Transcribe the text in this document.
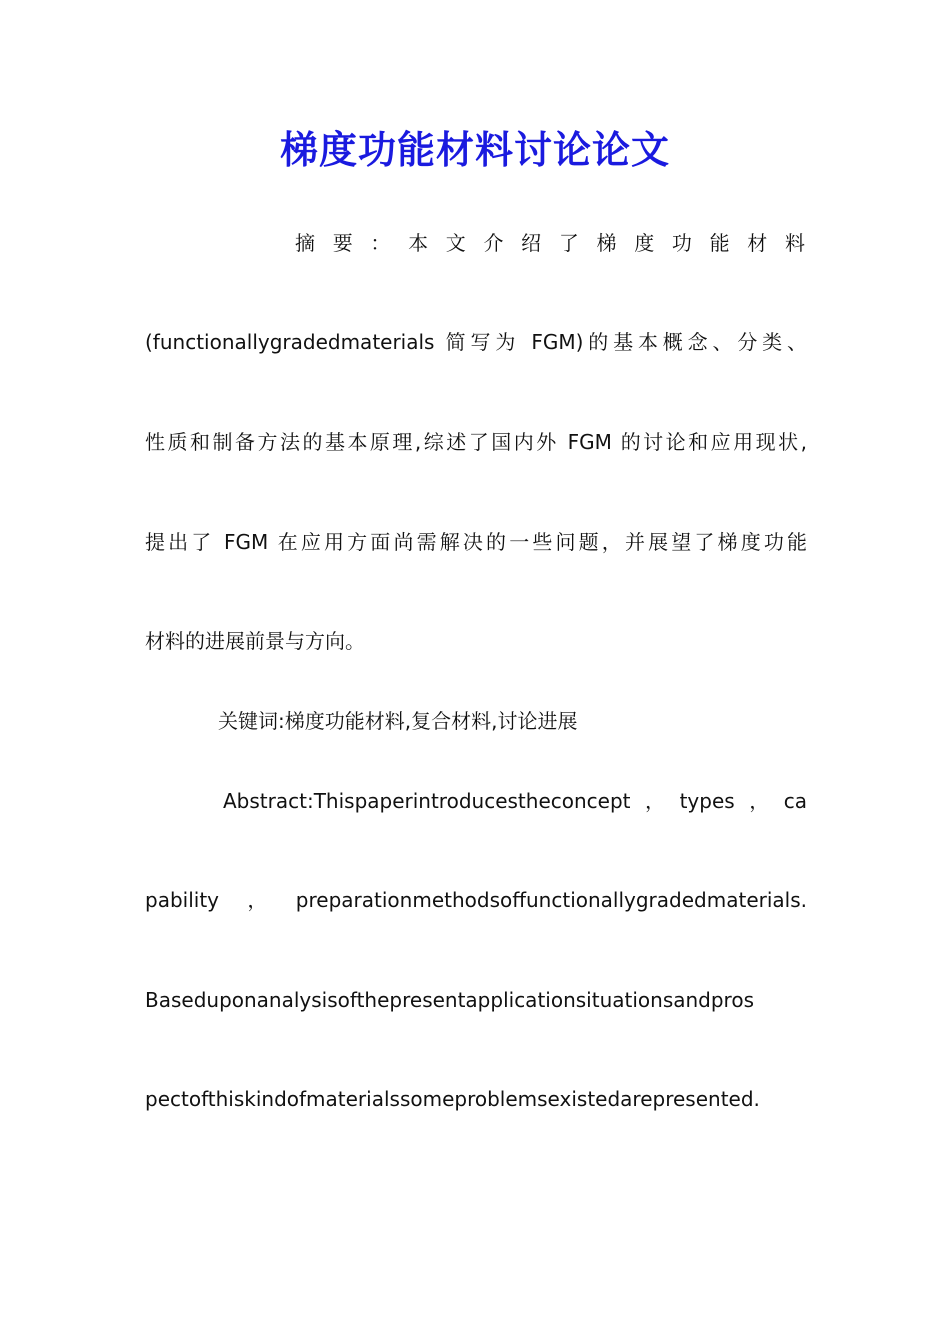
梯度功能材料讨论论文
摘 要 ： 本 文 介 绍 了 梯 度 功 能 材 料
(functionallygradedmaterials 简写为 FGM)的基本概念、分类、
性质和制备方法的基本原理,综述了国内外 FGM 的讨论和应用现状,
提出了 FGM 在应用方面尚需解决的一些问题，并展望了梯度功能
材料的进展前景与方向。
关键词:梯度功能材料,复合材料,讨论进展
Abstract:Thispaperintroducestheconcept，types，ca
pability，preparationmethodsoffunctionallygradedmaterials.
Baseduponanalysisofthepresentapplicationsituationsandpros
pectofthiskindofmaterialssomeproblemsexistedarepresented.
